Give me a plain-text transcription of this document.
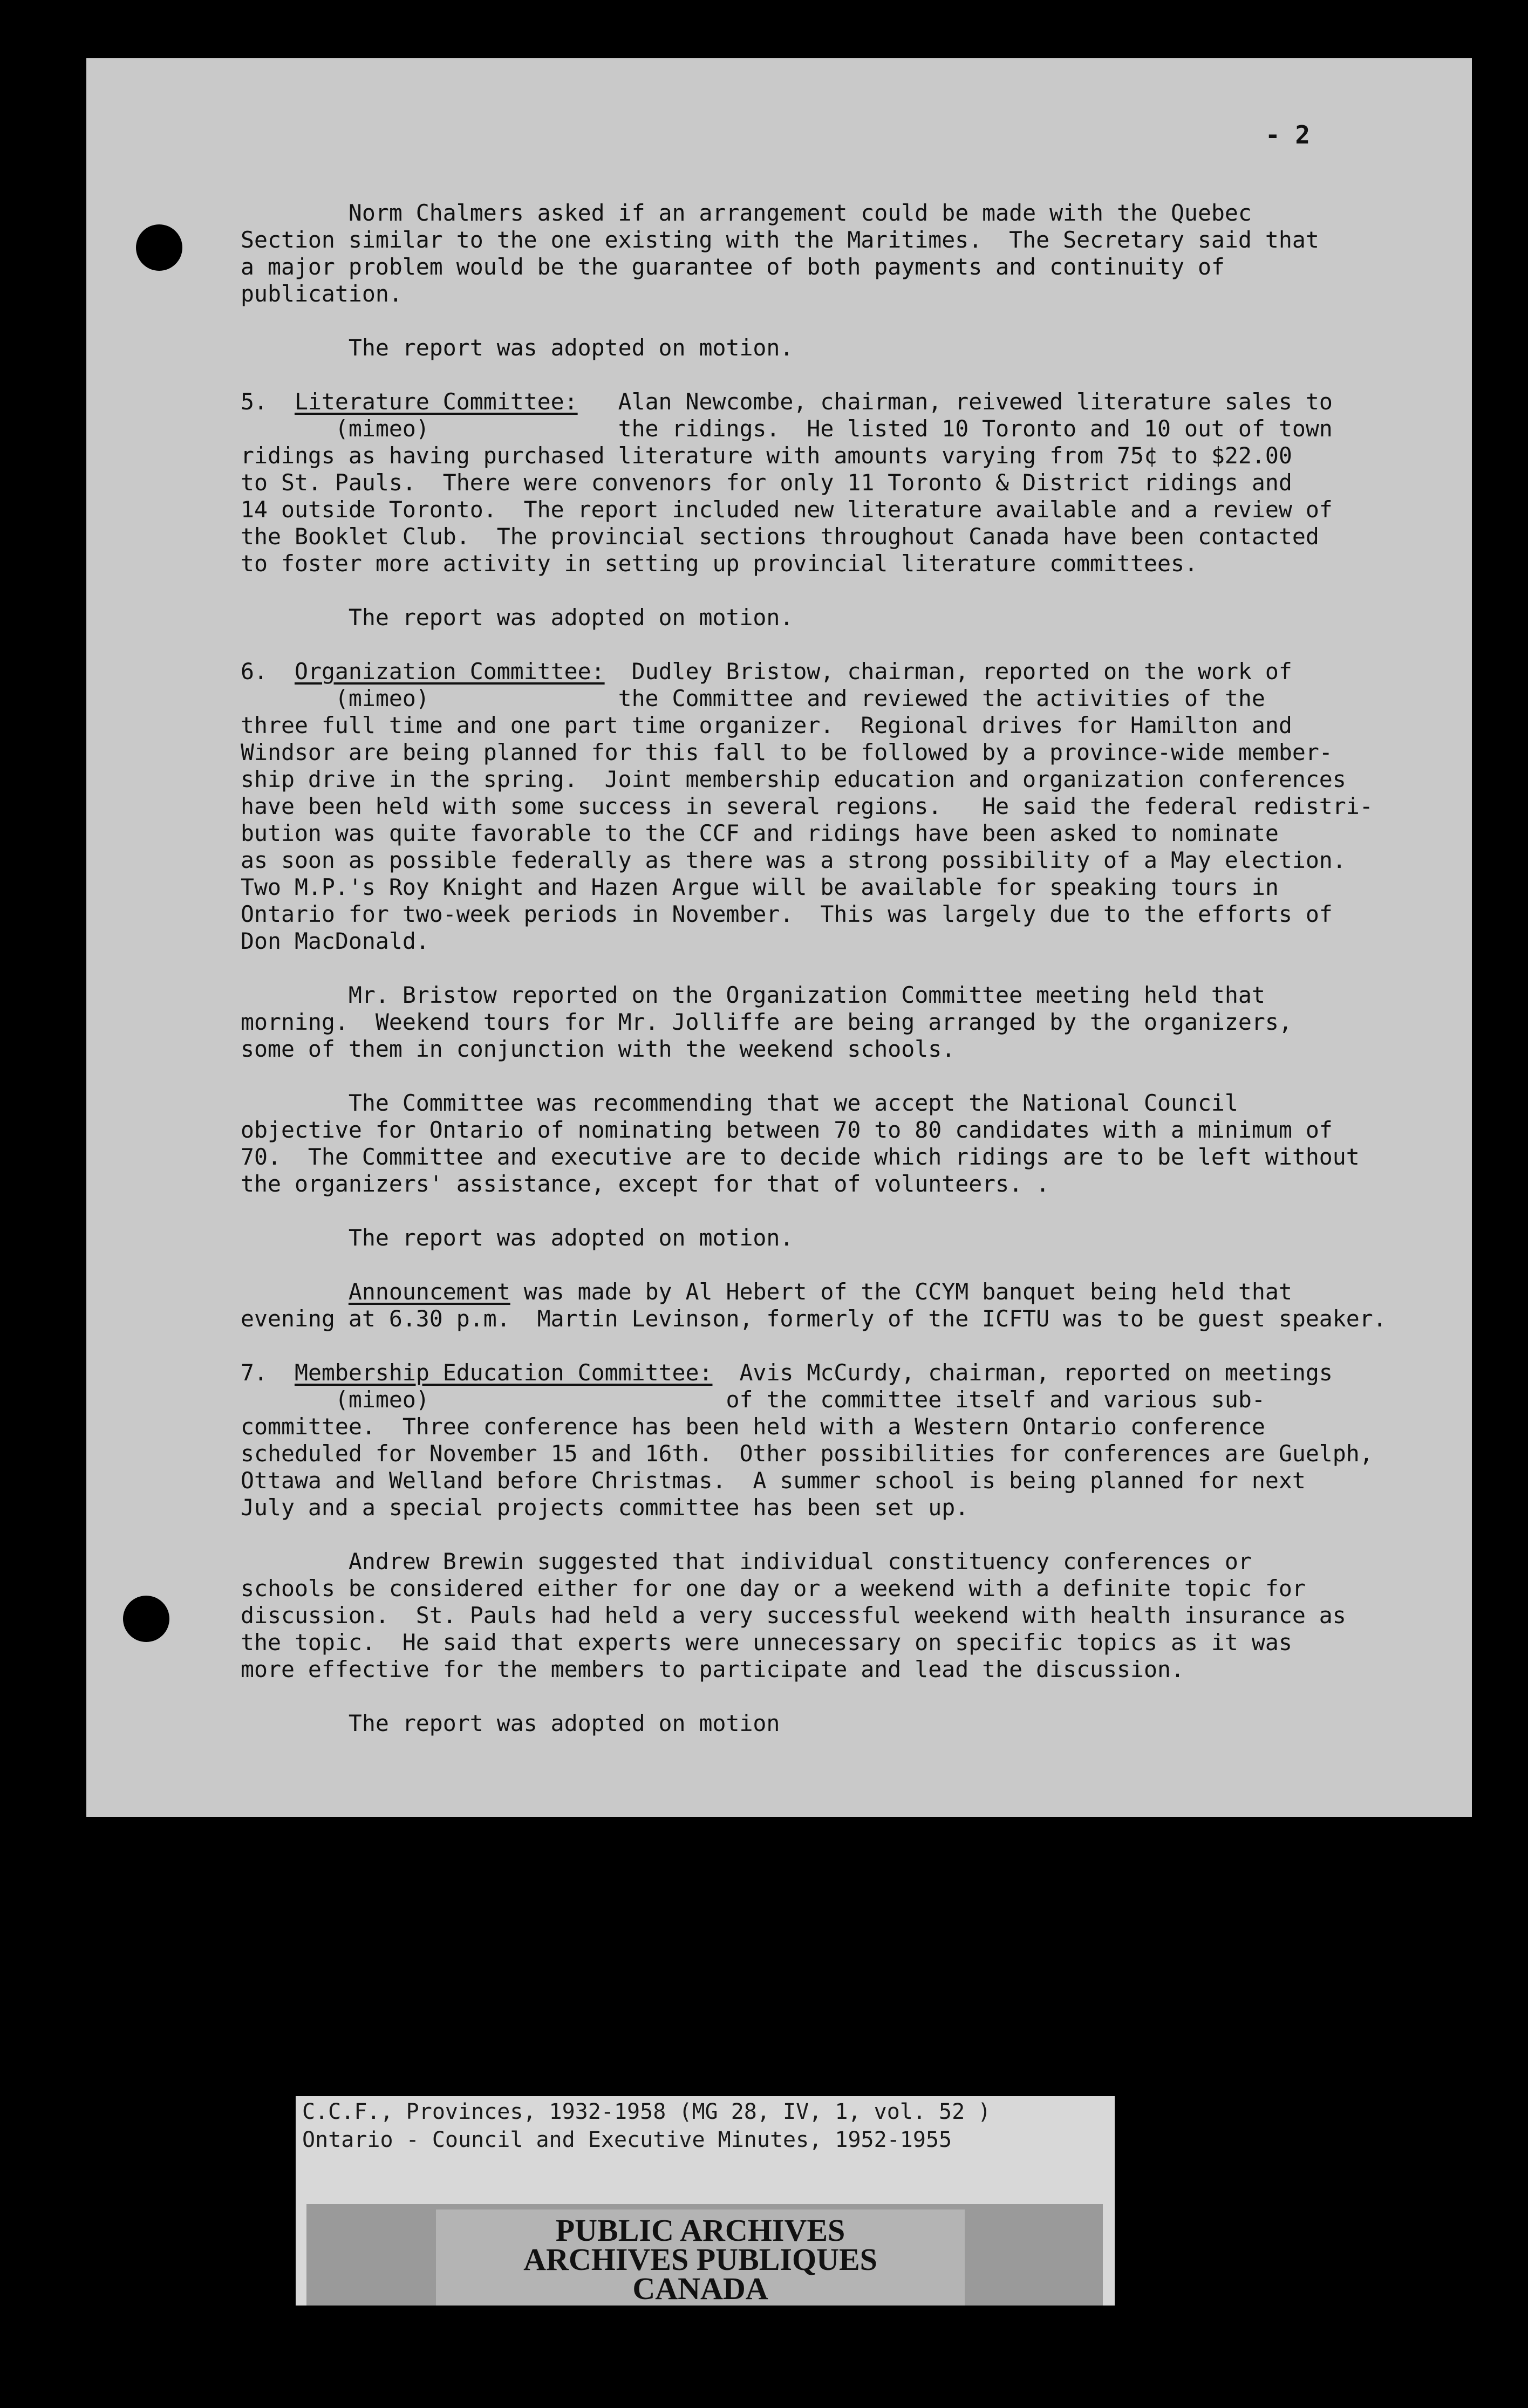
- 2

Norm Chalmers asked if an arrangement could be made with the Quebec

Section similar to the one existing with the Maritimes.  The Secretary said that

a major problem would be the guarantee of both payments and continuity of

publication.

The report was adopted on motion.

5.  Literature Committee:   Alan Newcombe, chairman, reivewed literature sales to

(mimeo)              the ridings.  He listed 10 Toronto and 10 out of town

ridings as having purchased literature with amounts varying from 75¢ to $22.00

to St. Pauls.  There were convenors for only 11 Toronto & District ridings and

14 outside Toronto.  The report included new literature available and a review of

the Booklet Club.  The provincial sections throughout Canada have been contacted

to foster more activity in setting up provincial literature committees.

The report was adopted on motion.

6.  Organization Committee:  Dudley Bristow, chairman, reported on the work of

(mimeo)              the Committee and reviewed the activities of the

three full time and one part time organizer.  Regional drives for Hamilton and

Windsor are being planned for this fall to be followed by a province-wide member-

ship drive in the spring.  Joint membership education and organization conferences

have been held with some success in several regions.   He said the federal redistri-

bution was quite favorable to the CCF and ridings have been asked to nominate

as soon as possible federally as there was a strong possibility of a May election.

Two M.P.'s Roy Knight and Hazen Argue will be available for speaking tours in

Ontario for two-week periods in November.  This was largely due to the efforts of

Don MacDonald.

Mr. Bristow reported on the Organization Committee meeting held that

morning.  Weekend tours for Mr. Jolliffe are being arranged by the organizers,

some of them in conjunction with the weekend schools.

The Committee was recommending that we accept the National Council

objective for Ontario of nominating between 70 to 80 candidates with a minimum of

70.  The Committee and executive are to decide which ridings are to be left without

the organizers' assistance, except for that of volunteers. .

The report was adopted on motion.

Announcement was made by Al Hebert of the CCYM banquet being held that

evening at 6.30 p.m.  Martin Levinson, formerly of the ICFTU was to be guest speaker.

7.  Membership Education Committee:  Avis McCurdy, chairman, reported on meetings

(mimeo)                      of the committee itself and various sub-

committee.  Three conference has been held with a Western Ontario conference

scheduled for November 15 and 16th.  Other possibilities for conferences are Guelph,

Ottawa and Welland before Christmas.  A summer school is being planned for next

July and a special projects committee has been set up.

Andrew Brewin suggested that individual constituency conferences or

schools be considered either for one day or a weekend with a definite topic for

discussion.  St. Pauls had held a very successful weekend with health insurance as

the topic.  He said that experts were unnecessary on specific topics as it was

more effective for the members to participate and lead the discussion.

The report was adopted on motion

C.C.F., Provinces, 1932-1958 (MG 28, IV, 1, vol. 52 )
Ontario - Council and Executive Minutes, 1952-1955
PUBLIC ARCHIVES
ARCHIVES PUBLIQUES
CANADA
